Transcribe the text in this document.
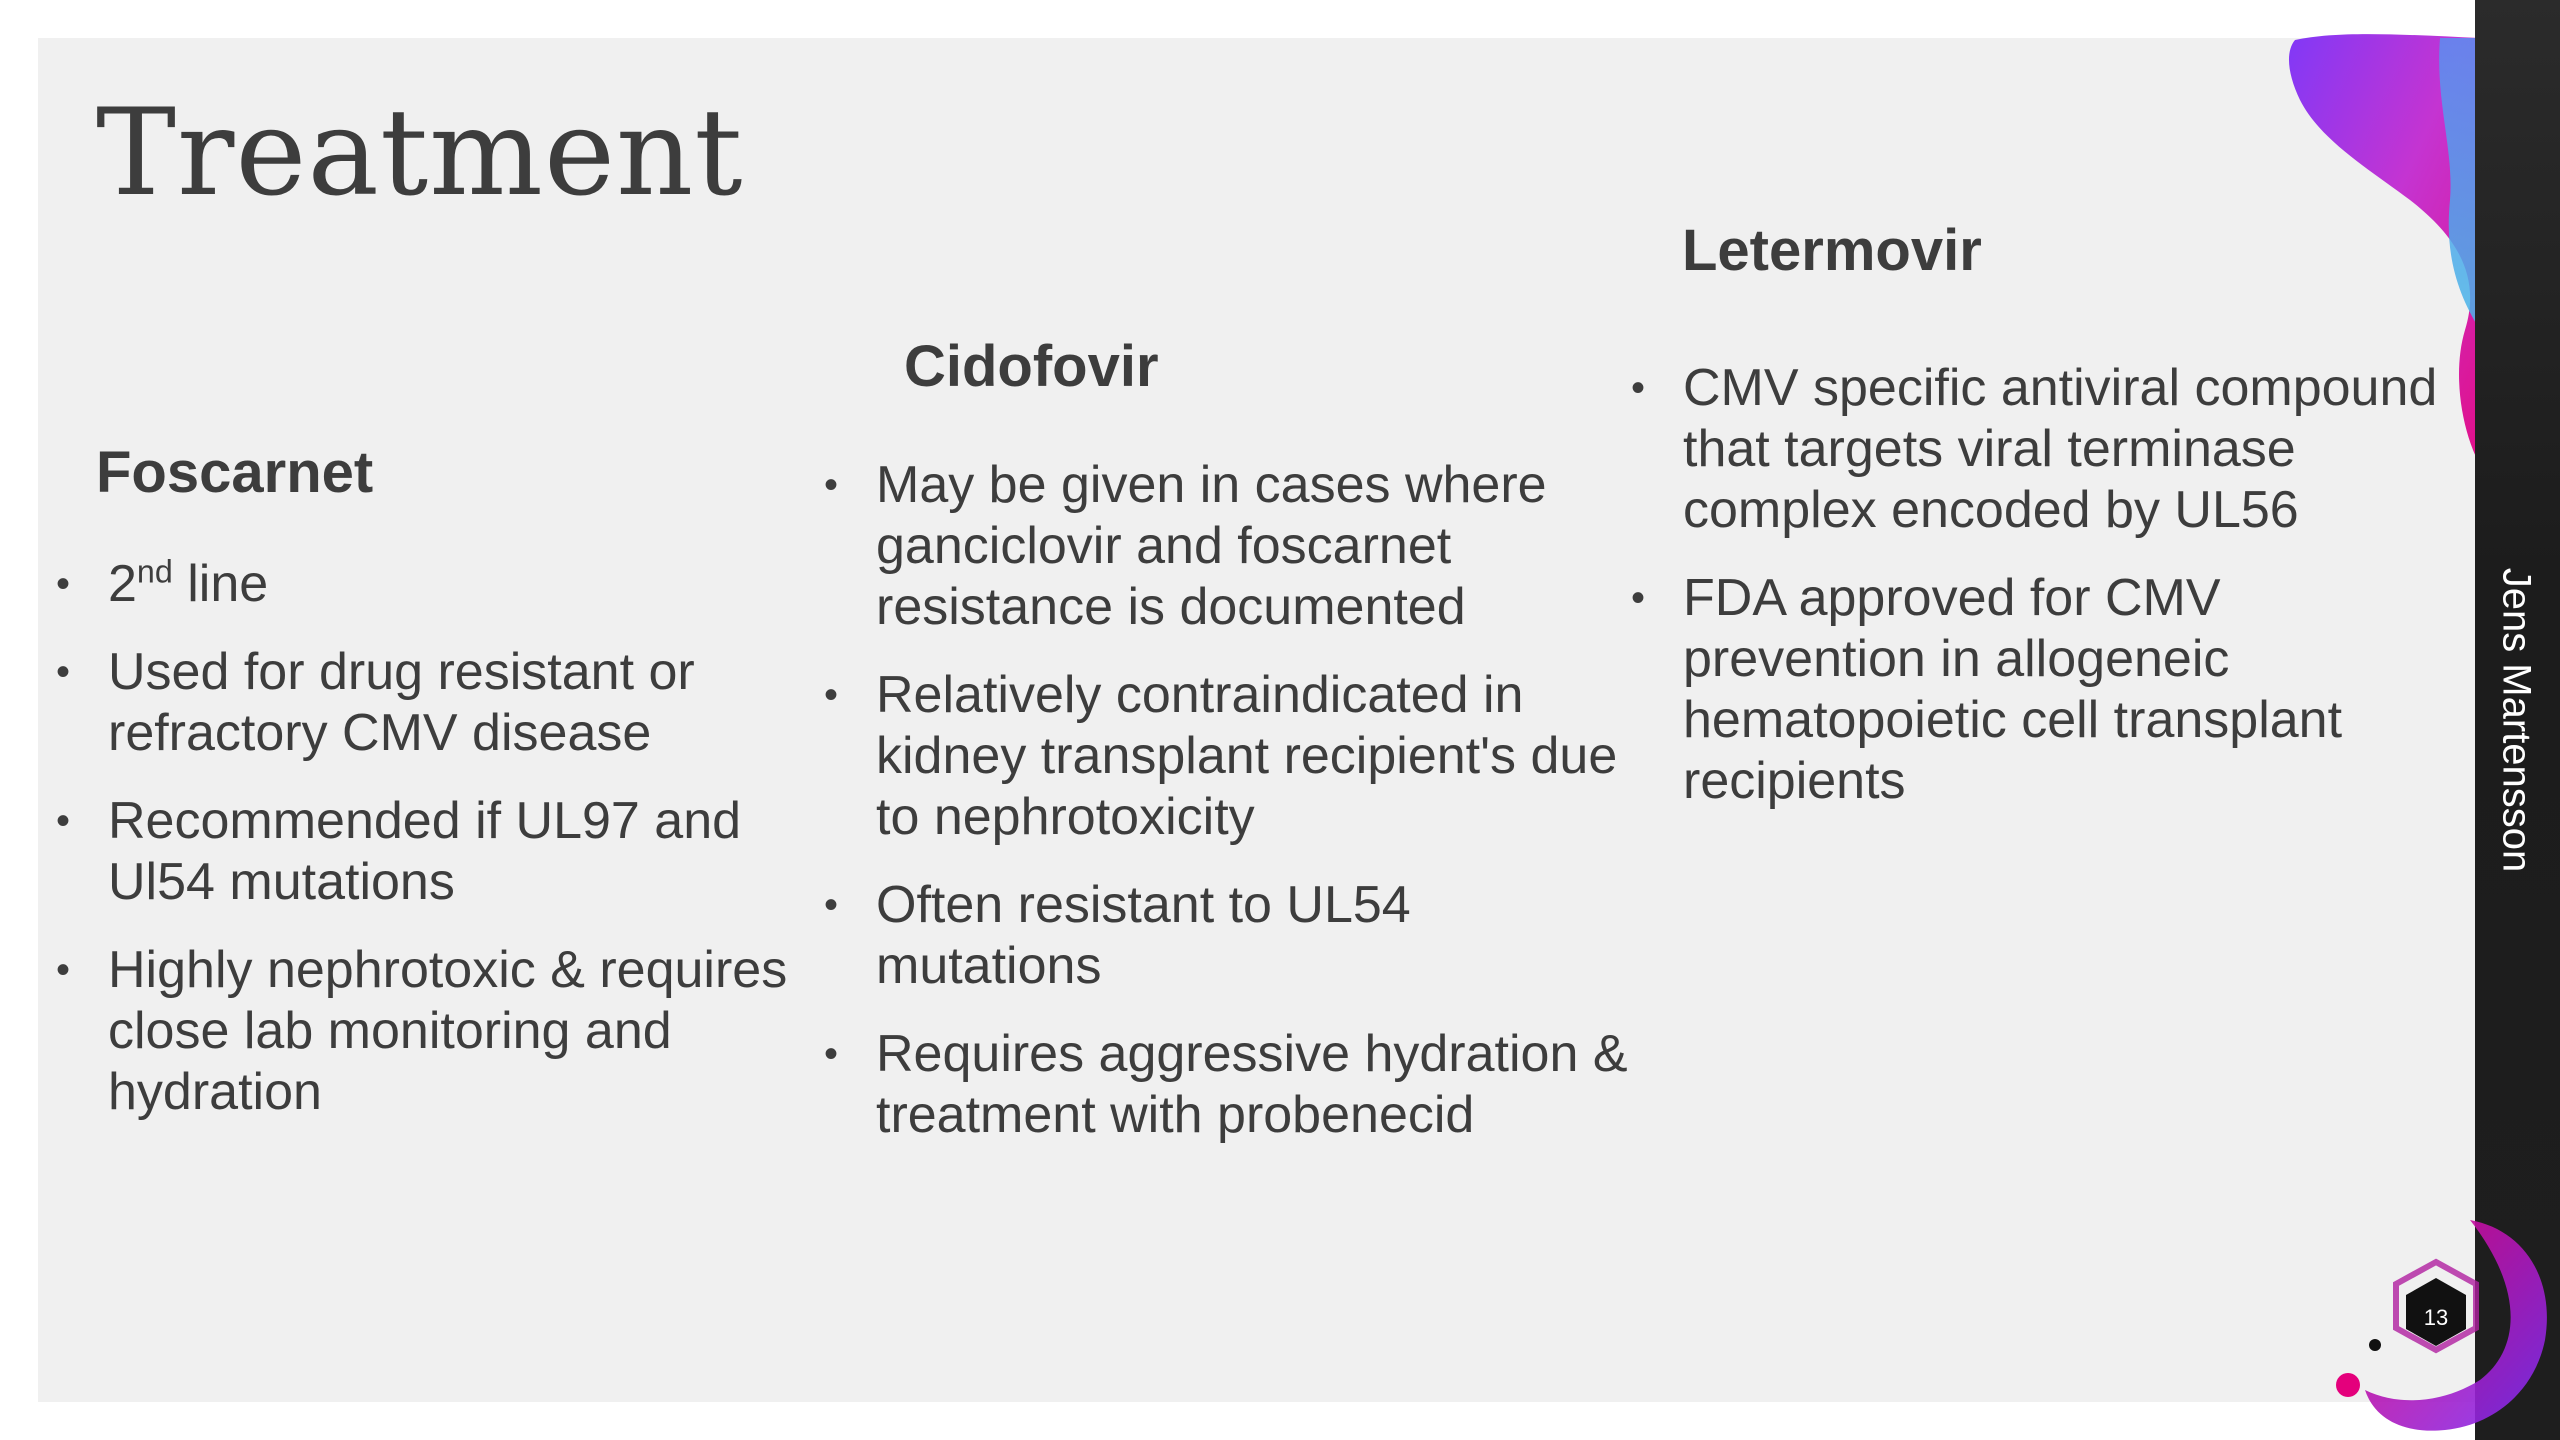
Jens Martensson
13
Treatment
Foscarnet
• 2nd line
• Used for drug resistant or refractory CMV disease
• Recommended if UL97 and Ul54 mutations
• Highly nephrotoxic & requires close lab monitoring and hydration
Cidofovir
• May be given in cases where ganciclovir and foscarnet resistance is documented
• Relatively contraindicated in kidney transplant recipient's due to nephrotoxicity
• Often resistant to UL54 mutations
• Requires aggressive hydration & treatment with probenecid
Letermovir
• CMV specific antiviral compound that targets viral terminase complex encoded by UL56
• FDA approved for CMV prevention in allogeneic hematopoietic cell transplant recipients
